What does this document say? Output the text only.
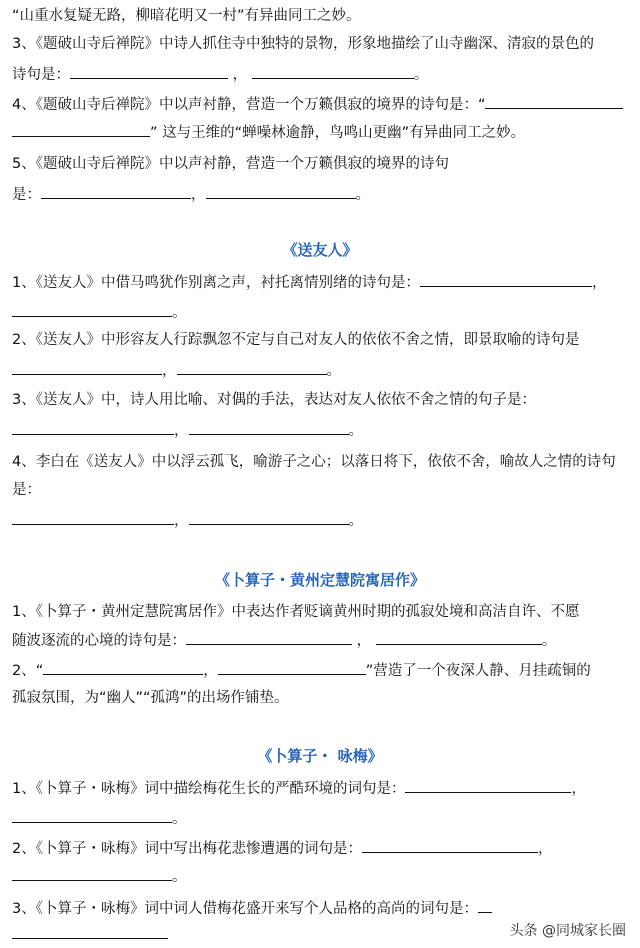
“山重水复疑无路，柳暗花明又一村”有异曲同工之妙。
3、《题破山寺后禅院》中诗人抓住寺中独特的景物，形象地描绘了山寺幽深、清寂的景色的
诗句是：	，	。
4、《题破山寺后禅院》中以声衬静，营造一个万籁俱寂的境界的诗句是：“
” 这与王维的“蝉噪林逾静，鸟鸣山更幽”有异曲同工之妙。
5、《题破山寺后禅院》中以声衬静，营造一个万籁俱寂的境界的诗句
是：	，	。
《送友人》
1、《送友人》中借马鸣犹作别离之声，衬托离情别绪的诗句是：	，
。
2、《送友人》中形容友人行踪飘忽不定与自己对友人的依依不舍之情，即景取喻的诗句是
，	。
3、《送友人》中，诗人用比喻、对偶的手法，表达对友人依依不舍之情的句子是：
，	。
4、李白在《送友人》中以浮云孤飞，喻游子之心；以落日将下，依依不舍，喻故人之情的诗句
是：
，	。
《卜算子・黄州定慧院寓居作》
1、《卜算子・黄州定慧院寓居作》中表达作者贬谪黄州时期的孤寂处境和高洁自许、不愿
随波逐流的心境的诗句是：	，	。
2、“	，	”营造了一个夜深人静、月挂疏铜的
孤寂氛围，为“幽人”“孤鸿”的出场作铺垫。
《卜算子・ 咏梅》
1、《卜算子・咏梅》词中描绘梅花生长的严酷环境的词句是：	，
。
2、《卜算子・咏梅》词中写出梅花悲惨遭遇的词句是：	，
。
3、《卜算子・咏梅》词中词人借梅花盛开来写个人品格的高尚的词句是：
头条 @同城家长圈
